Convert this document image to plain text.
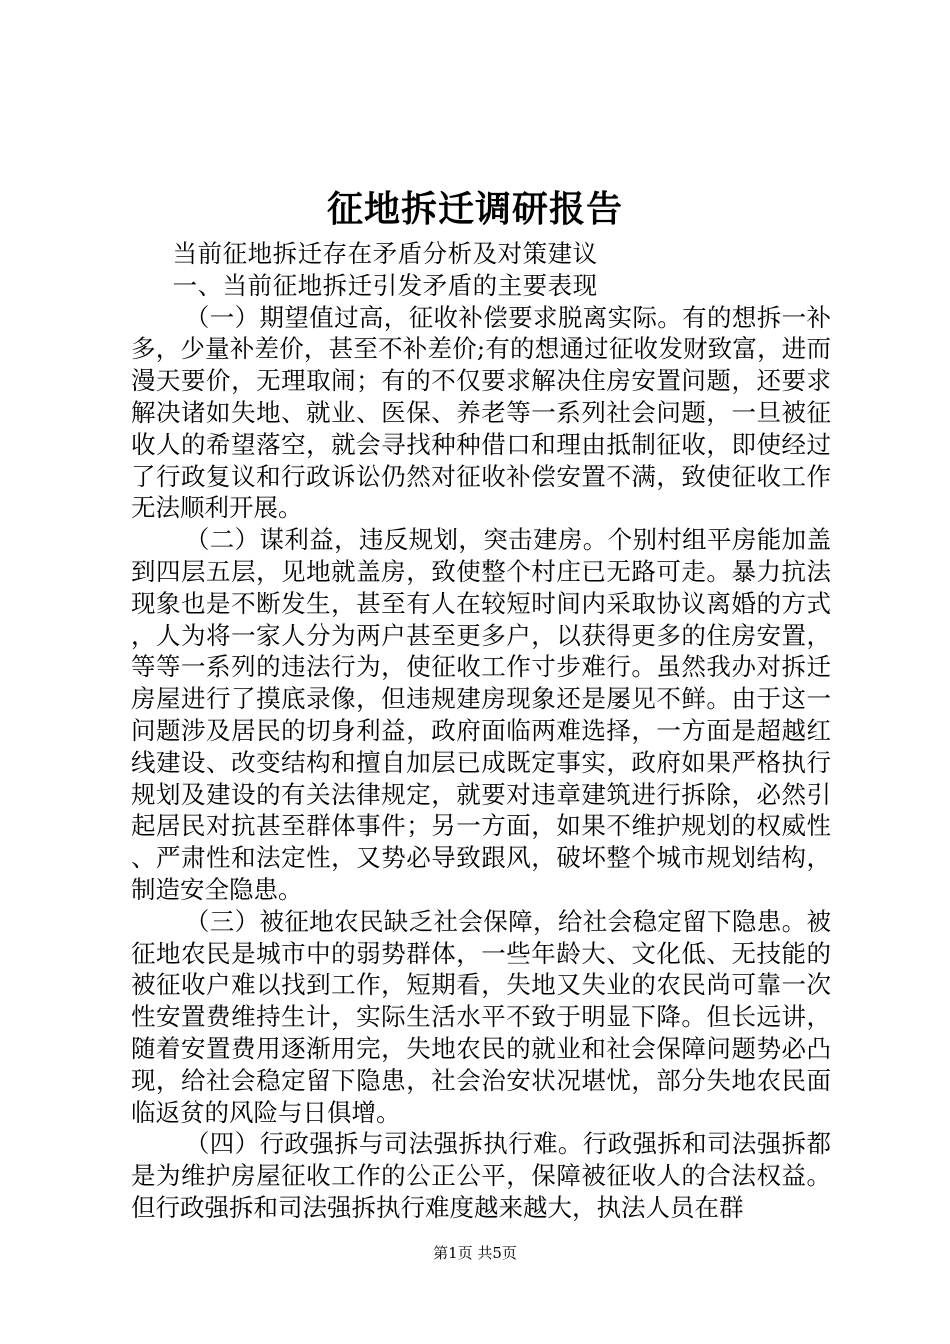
征地拆迁调研报告

当前征地拆迁存在矛盾分析及对策建议

一、当前征地拆迁引发矛盾的主要表现

（一）期望值过高，征收补偿要求脱离实际。有的想拆一补多，少量补差价，甚至不补差价;有的想通过征收发财致富，进而漫天要价，无理取闹；有的不仅要求解决住房安置问题，还要求解决诸如失地、就业、医保、养老等一系列社会问题，一旦被征收人的希望落空，就会寻找种种借口和理由抵制征收，即使经过了行政复议和行政诉讼仍然对征收补偿安置不满，致使征收工作无法顺利开展。

（二）谋利益，违反规划，突击建房。个别村组平房能加盖到四层五层，见地就盖房，致使整个村庄已无路可走。暴力抗法现象也是不断发生，甚至有人在较短时间内采取协议离婚的方式，人为将一家人分为两户甚至更多户，以获得更多的住房安置，等等一系列的违法行为，使征收工作寸步难行。虽然我办对拆迁房屋进行了摸底录像，但违规建房现象还是屡见不鲜。由于这一问题涉及居民的切身利益，政府面临两难选择，一方面是超越红线建设、改变结构和擅自加层已成既定事实，政府如果严格执行规划及建设的有关法律规定，就要对违章建筑进行拆除，必然引起居民对抗甚至群体事件；另一方面，如果不维护规划的权威性、严肃性和法定性，又势必导致跟风，破坏整个城市规划结构，制造安全隐患。

（三）被征地农民缺乏社会保障，给社会稳定留下隐患。被征地农民是城市中的弱势群体，一些年龄大、文化低、无技能的被征收户难以找到工作，短期看，失地又失业的农民尚可靠一次性安置费维持生计，实际生活水平不致于明显下降。但长远讲，随着安置费用逐渐用完，失地农民的就业和社会保障问题势必凸现，给社会稳定留下隐患，社会治安状况堪忧，部分失地农民面临返贫的风险与日俱增。

（四）行政强拆与司法强拆执行难。行政强拆和司法强拆都是为维护房屋征收工作的公正公平，保障被征收人的合法权益。但行政强拆和司法强拆执行难度越来越大，执法人员在群

第1页 共5页
